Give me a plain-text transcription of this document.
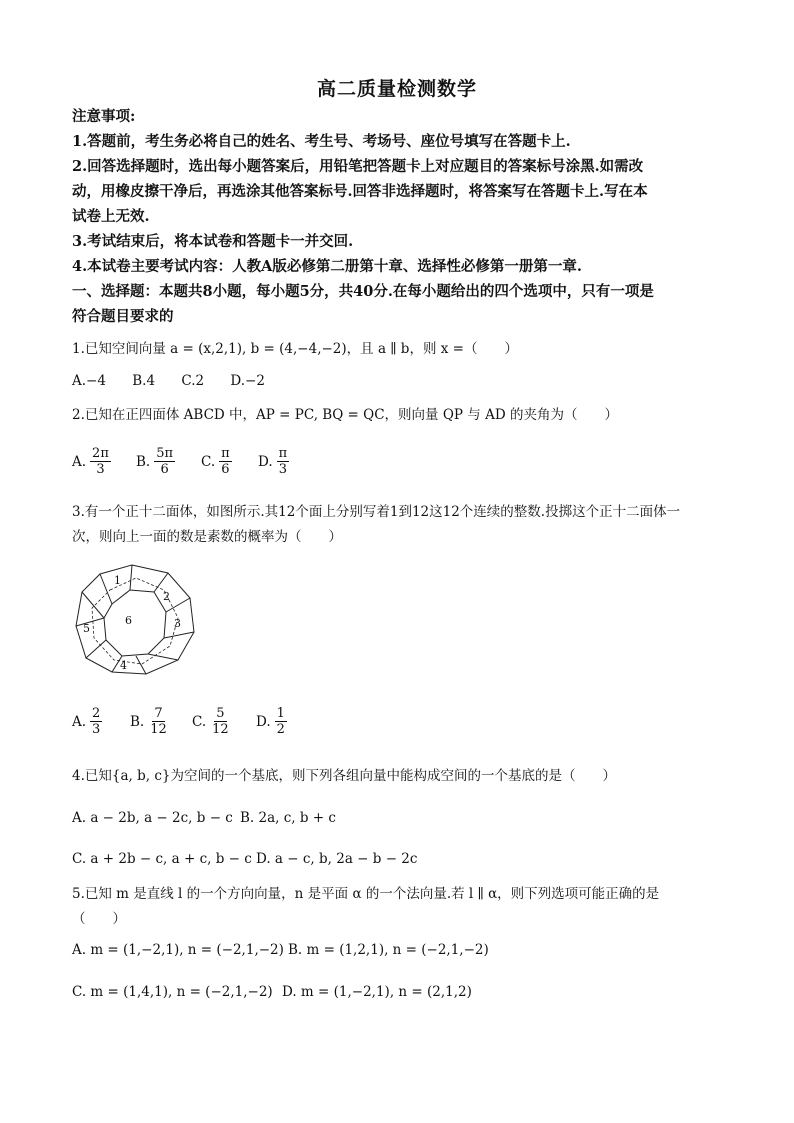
高二质量检测数学
注意事项:
1.答题前，考生务必将自己的姓名、考生号、考场号、座位号填写在答题卡上.
2.回答选择题时，选出每小题答案后，用铅笔把答题卡上对应题目的答案标号涂黑.如需改
动，用橡皮擦干净后，再选涂其他答案标号.回答非选择题时，将答案写在答题卡上.写在本
试卷上无效.
3.考试结束后，将本试卷和答题卡一并交回.
4.本试卷主要考试内容：人教A版必修第二册第十章、选择性必修第一册第一章.
一、选择题：本题共8小题，每小题5分，共40分.在每小题给出的四个选项中，只有一项是
符合题目要求的
1.已知空间向量 a = (x,2,1), b = (4,−4,−2)，且 a ∥ b，则 x =（　　）
A.−4 B.4 C.2 D.−2
2.已知在正四面体 ABCD 中，AP = PC, BQ = QC，则向量 QP 与 AD 的夹角为（　　）
A. $\frac{2\pi}{3} B$. $\frac{5\pi}{6} C$. $\frac{\pi}{6} D$. $\frac{\pi}{3}$
3.有一个正十二面体，如图所示.其12个面上分别写着1到12这12个连续的整数.投掷这个正十二面体一
次，则向上一面的数是素数的概率为（　　）
1
2
3
4
5
6
A. $\frac{2}{3} B$. $\frac{7}{12} C$. $\frac{5}{12} D$. $\frac{1}{2}$
4.已知{a, b, c}为空间的一个基底，则下列各组向量中能构成空间的一个基底的是（　　）
A. a − 2b, a − 2c, b − c B. 2a, c, b + c
C. a + 2b − c, a + c, b − c D. a − c, b, 2a − b − 2c
5.已知 m 是直线 l 的一个方向向量，n 是平面 α 的一个法向量.若 l ∥ α，则下列选项可能正确的是
（　　）
A. m = (1,−2,1), n = (−2,1,−2) B. m = (1,2,1), n = (−2,1,−2)
C. m = (1,4,1), n = (−2,1,−2) D. m = (1,−2,1), n = (2,1,2)
